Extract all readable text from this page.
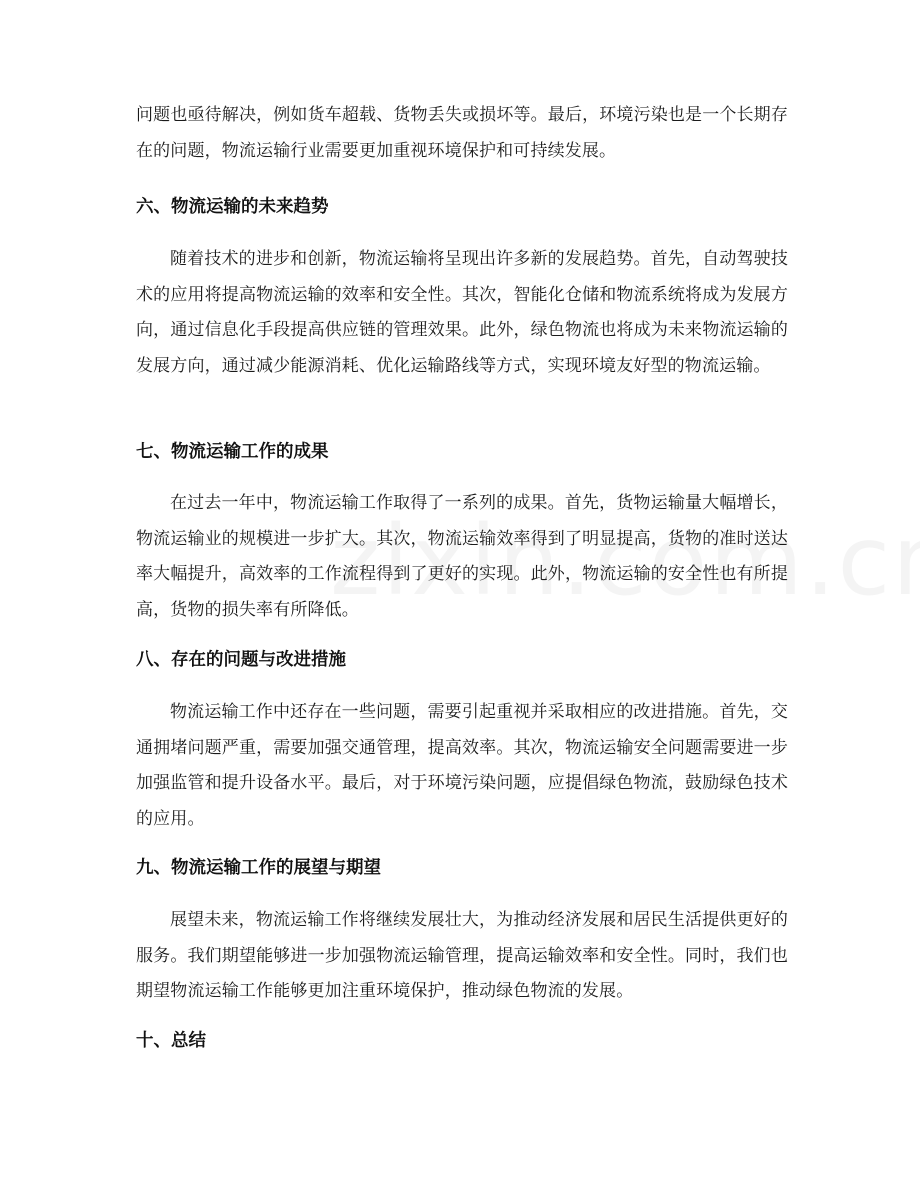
问题也亟待解决，例如货车超载、货物丢失或损坏等。最后，环境污染也是一个长期存在的问题，物流运输行业需要更加重视环境保护和可持续发展。

六、物流运输的未来趋势

随着技术的进步和创新，物流运输将呈现出许多新的发展趋势。首先，自动驾驶技术的应用将提高物流运输的效率和安全性。其次，智能化仓储和物流系统将成为发展方向，通过信息化手段提高供应链的管理效果。此外，绿色物流也将成为未来物流运输的发展方向，通过减少能源消耗、优化运输路线等方式，实现环境友好型的物流运输。

七、物流运输工作的成果

在过去一年中，物流运输工作取得了一系列的成果。首先，货物运输量大幅增长，物流运输业的规模进一步扩大。其次，物流运输效率得到了明显提高，货物的准时送达率大幅提升，高效率的工作流程得到了更好的实现。此外，物流运输的安全性也有所提高，货物的损失率有所降低。

八、存在的问题与改进措施

物流运输工作中还存在一些问题，需要引起重视并采取相应的改进措施。首先，交通拥堵问题严重，需要加强交通管理，提高效率。其次，物流运输安全问题需要进一步加强监管和提升设备水平。最后，对于环境污染问题，应提倡绿色物流，鼓励绿色技术的应用。

九、物流运输工作的展望与期望

展望未来，物流运输工作将继续发展壮大，为推动经济发展和居民生活提供更好的服务。我们期望能够进一步加强物流运输管理，提高运输效率和安全性。同时，我们也期望物流运输工作能够更加注重环境保护，推动绿色物流的发展。

十、总结
